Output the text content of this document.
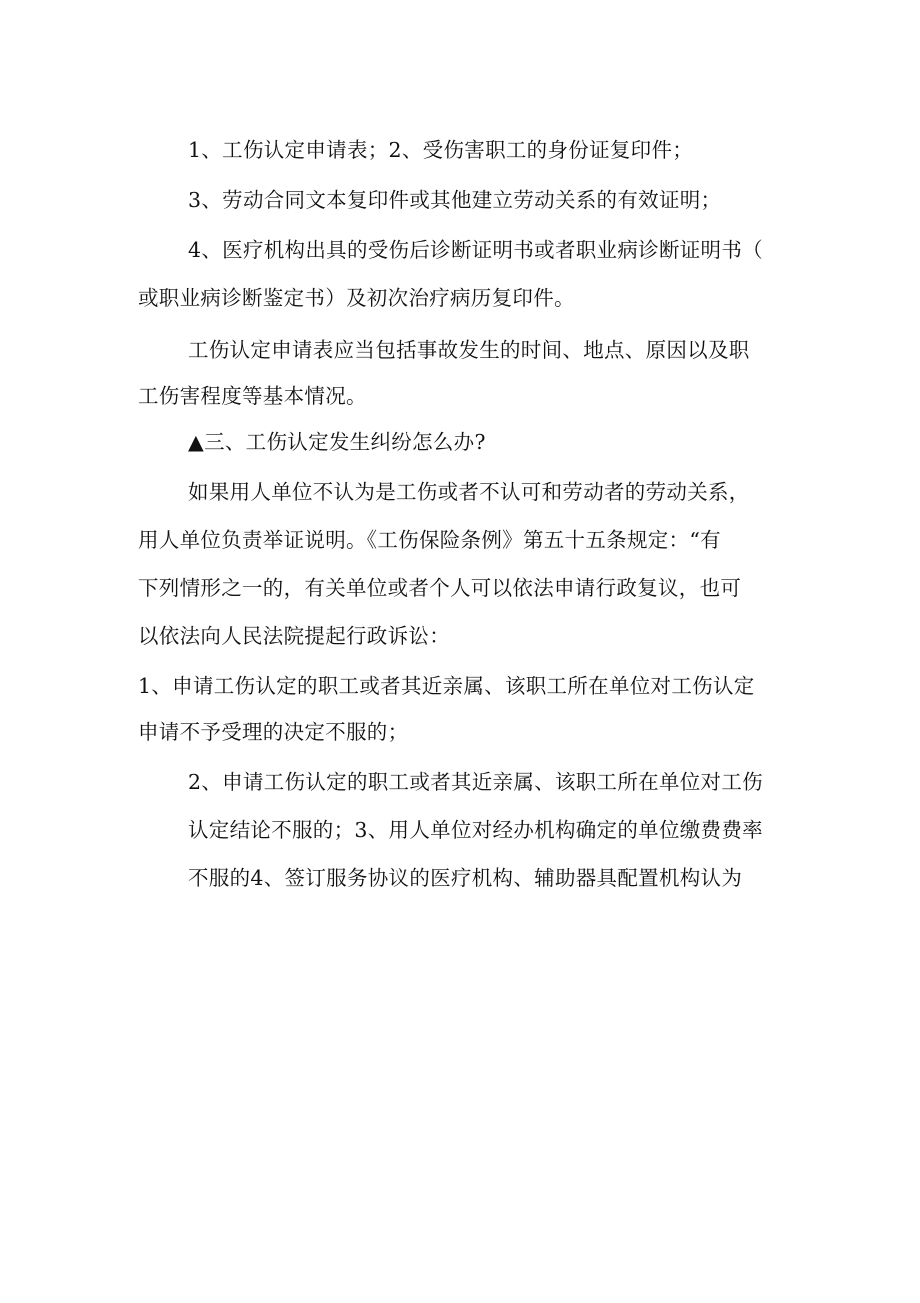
1、工伤认定申请表；2、受伤害职工的身份证复印件；
3、劳动合同文本复印件或其他建立劳动关系的有效证明；
4、医疗机构出具的受伤后诊断证明书或者职业病诊断证明书（
或职业病诊断鉴定书）及初次治疗病历复印件。
工伤认定申请表应当包括事故发生的时间、地点、原因以及职
工伤害程度等基本情况。
▲三、工伤认定发生纠纷怎么办?
如果用人单位不认为是工伤或者不认可和劳动者的劳动关系，
用人单位负责举证说明。《工伤保险条例》第五十五条规定：“有
下列情形之一的，有关单位或者个人可以依法申请行政复议，也可
以依法向人民法院提起行政诉讼：
1、申请工伤认定的职工或者其近亲属、该职工所在单位对工伤认定
申请不予受理的决定不服的；
2、申请工伤认定的职工或者其近亲属、该职工所在单位对工伤
认定结论不服的；3、用人单位对经办机构确定的单位缴费费率
不服的4、签订服务协议的医疗机构、辅助器具配置机构认为
